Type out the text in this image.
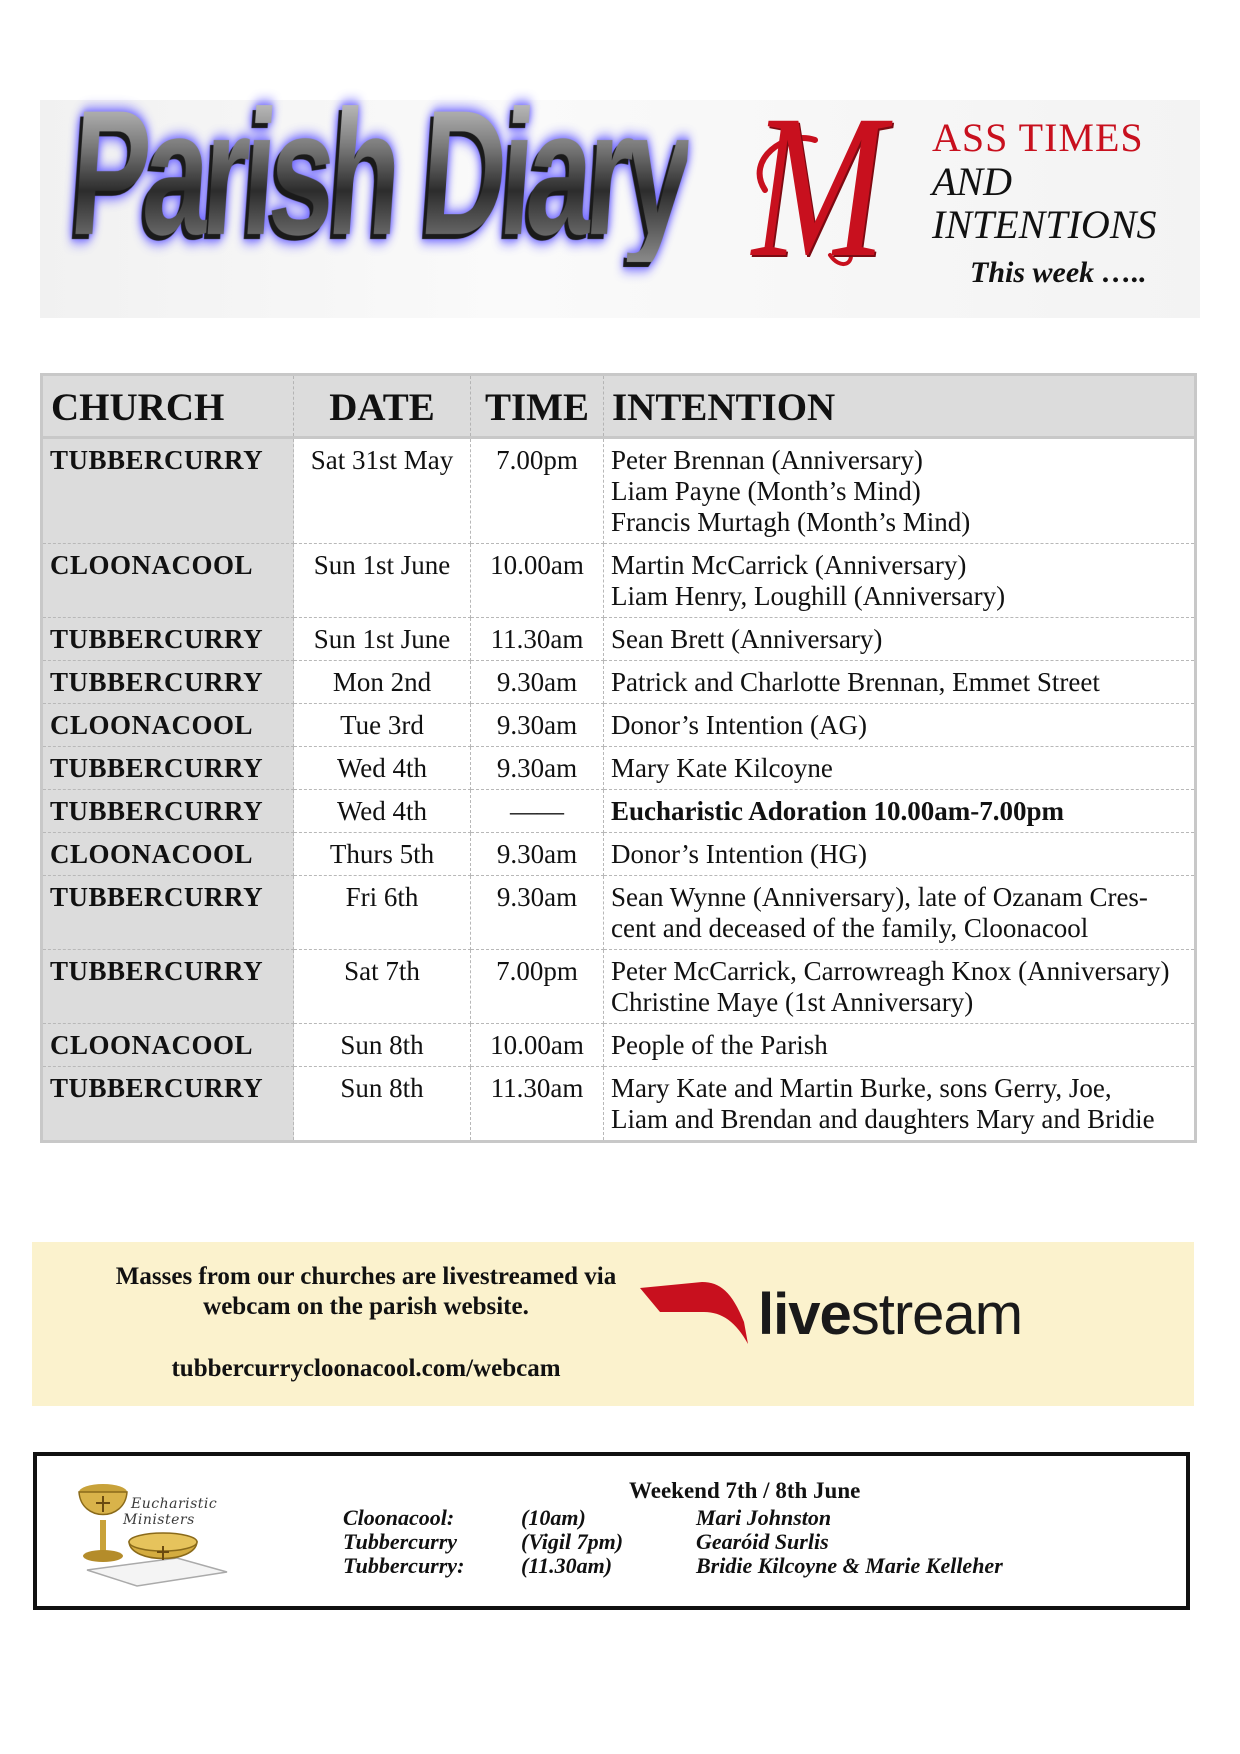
Parish Diary M ASS TIMES
AND
INTENTIONS
This week …..
CHURCH	DATE	TIME	INTENTION
TUBBERCURRY	Sat 31st May	7.00pm	Peter Brennan (Anniversary)
Liam Payne (Month’s Mind)
Francis Murtagh (Month’s Mind)

CLOONACOOL	Sun 1st June	10.00am	Martin McCarrick (Anniversary)
Liam Henry, Loughill (Anniversary)

TUBBERCURRY	Sun 1st June	11.30am	Sean Brett (Anniversary)

TUBBERCURRY	Mon 2nd	9.30am	Patrick and Charlotte Brennan, Emmet Street

CLOONACOOL	Tue 3rd	9.30am	Donor’s Intention (AG)

TUBBERCURRY	Wed 4th	9.30am	Mary Kate Kilcoyne

TUBBERCURRY	Wed 4th	——	Eucharistic Adoration 10.00am-7.00pm

CLOONACOOL	Thurs 5th	9.30am	Donor’s Intention (HG)

TUBBERCURRY	Fri 6th	9.30am	Sean Wynne (Anniversary), late of Ozanam Cres-
cent and deceased of the family, Cloonacool

TUBBERCURRY	Sat 7th	7.00pm	Peter McCarrick, Carrowreagh Knox (Anniversary)
Christine Maye (1st Anniversary)

CLOONACOOL	Sun 8th	10.00am	People of the Parish

TUBBERCURRY	Sun 8th	11.30am	Mary Kate and Martin Burke, sons Gerry, Joe,
Liam and Brendan and daughters Mary and Bridie
Masses from our churches are livestreamed via
webcam on the parish website.
tubbercurrycloonacool.com/webcam
livestream
Eucharistic
Ministers
Weekend 7th / 8th June
Cloonacool:	(10am)	Mari Johnston
Tubbercurry	(Vigil 7pm)	Gearóid Surlis
Tubbercurry:	(11.30am)	Bridie Kilcoyne & Marie Kelleher
